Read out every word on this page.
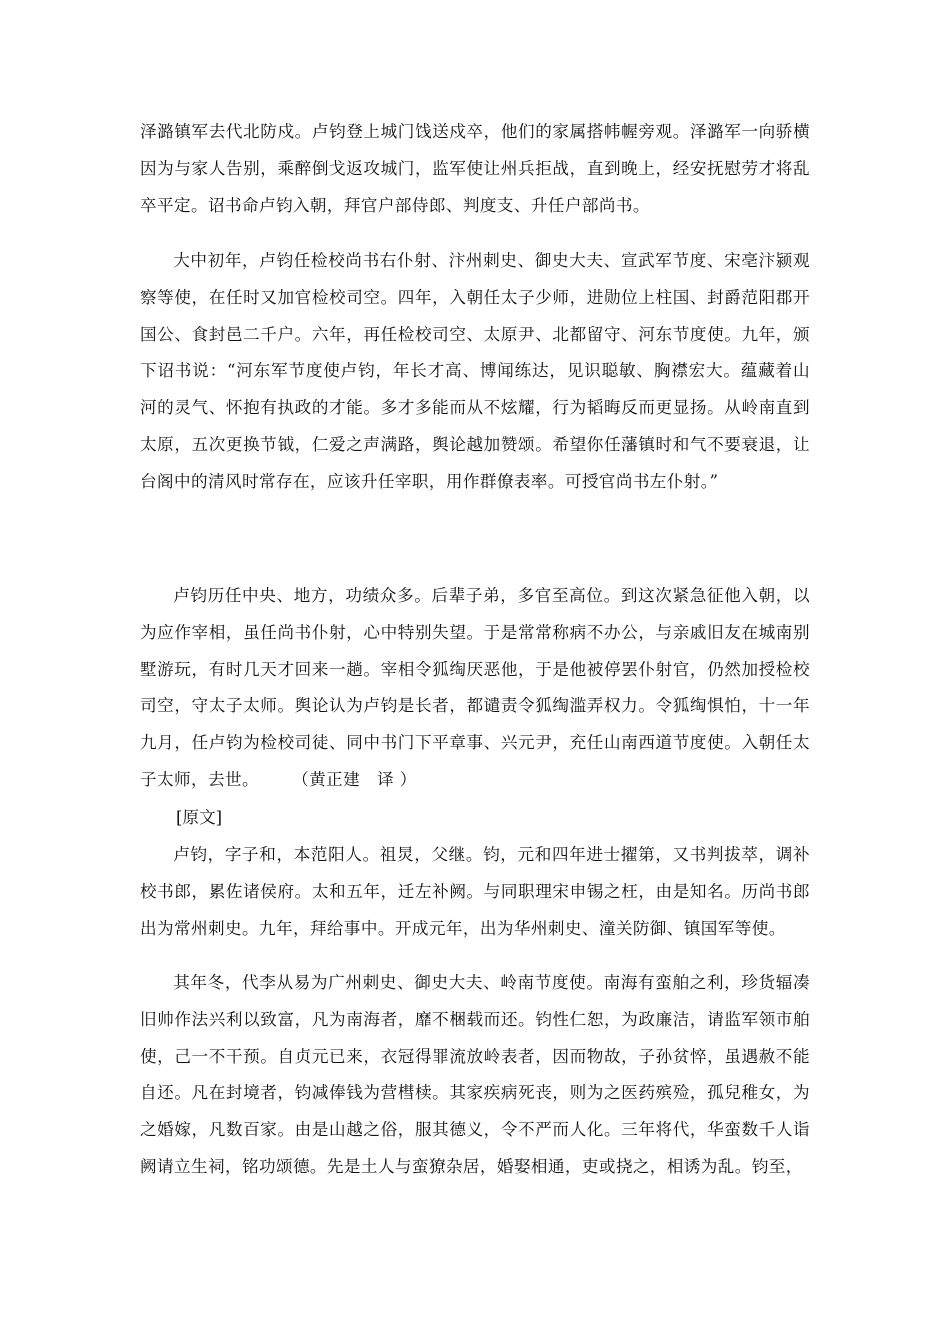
泽潞镇军去代北防戍。卢钧登上城门饯送戍卒，他们的家属搭帏幄旁观。泽潞军一向骄横因为与家人告别，乘醉倒戈返攻城门，监军使让州兵拒战，直到晚上，经安抚慰劳才将乱卒平定。诏书命卢钧入朝，拜官户部侍郎、判度支、升任户部尚书。

大中初年，卢钧任检校尚书右仆射、汴州刺史、御史大夫、宣武军节度、宋亳汴颍观察等使，在任时又加官检校司空。四年，入朝任太子少师，进勋位上柱国、封爵范阳郡开国公、食封邑二千户。六年，再任检校司空、太原尹、北都留守、河东节度使。九年，颁下诏书说：“河东军节度使卢钧，年长才高、博闻练达，见识聪敏、胸襟宏大。蕴藏着山河的灵气、怀抱有执政的才能。多才多能而从不炫耀，行为韬晦反而更显扬。从岭南直到太原，五次更换节钺，仁爱之声满路，舆论越加赞颂。希望你任藩镇时和气不要衰退，让台阁中的清风时常存在，应该升任宰职，用作群僚表率。可授官尚书左仆射。”

卢钧历任中央、地方，功绩众多。后辈子弟，多官至高位。到这次紧急征他入朝，以为应作宰相，虽任尚书仆射，心中特别失望。于是常常称病不办公，与亲戚旧友在城南别墅游玩，有时几天才回来一趟。宰相令狐绹厌恶他，于是他被停罢仆射官，仍然加授检校司空，守太子太师。舆论认为卢钧是长者，都谴责令狐绹滥弄权力。令狐绹惧怕，十一年九月，任卢钧为检校司徒、同中书门下平章事、兴元尹，充任山南西道节度使。入朝任太子太师，去世。 （黄正建　译 ）

[原文]

卢钧，字子和，本范阳人。祖炅，父继。钧，元和四年进士擢第，又书判拔萃，调补校书郎，累佐诸侯府。太和五年，迁左补阙。与同职理宋申锡之枉，由是知名。历尚书郎出为常州刺史。九年，拜给事中。开成元年，出为华州刺史、潼关防御、镇国军等使。

其年冬，代李从易为广州刺史、御史大夫、岭南节度使。南海有蛮舶之利，珍货辐凑旧帅作法兴利以致富，凡为南海者，靡不梱载而还。钧性仁恕，为政廉洁，请监军领市舶使，己一不干预。自贞元已来，衣冠得罪流放岭表者，因而物故，子孙贫悴，虽遇赦不能自还。凡在封境者，钧减俸钱为营槥椟。其家疾病死丧，则为之医药殡殓，孤兒稚女，为之婚嫁，凡数百家。由是山越之俗，服其德义，令不严而人化。三年将代，华蛮数千人诣阙请立生祠，铭功颂德。先是土人与蛮獠杂居，婚娶相通，吏或挠之，相诱为乱。钧至，
